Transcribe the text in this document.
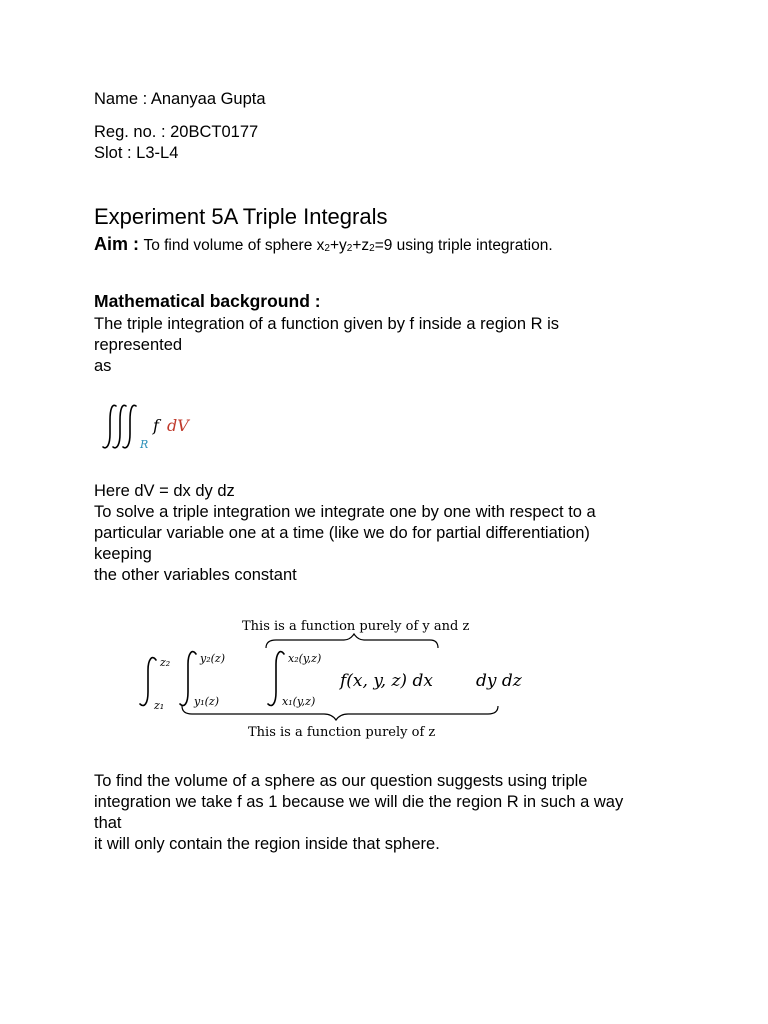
Name : Ananyaa Gupta
Reg. no. : 20BCT0177
Slot : L3-L4
Experiment 5A Triple Integrals
Aim : To find volume of sphere x2+y2+z2=9 using triple integration.
Mathematical background :
The triple integration of a function given by f inside a region R is
represented
as
R
f dV
Here dV = dx dy dz
To solve a triple integration we integrate one by one with respect to a
particular variable one at a time (like we do for partial differentiation)
keeping
the other variables constant
This is a function purely of y and z
z₂
z₁
y₂(z)
y₁(z)
x₂(y,z)
x₁(y,z)
f(x, y, z) dx	dy dz
This is a function purely of z
To find the volume of a sphere as our question suggests using triple
integration we take f as 1 because we will die the region R in such a way
that
it will only contain the region inside that sphere.
